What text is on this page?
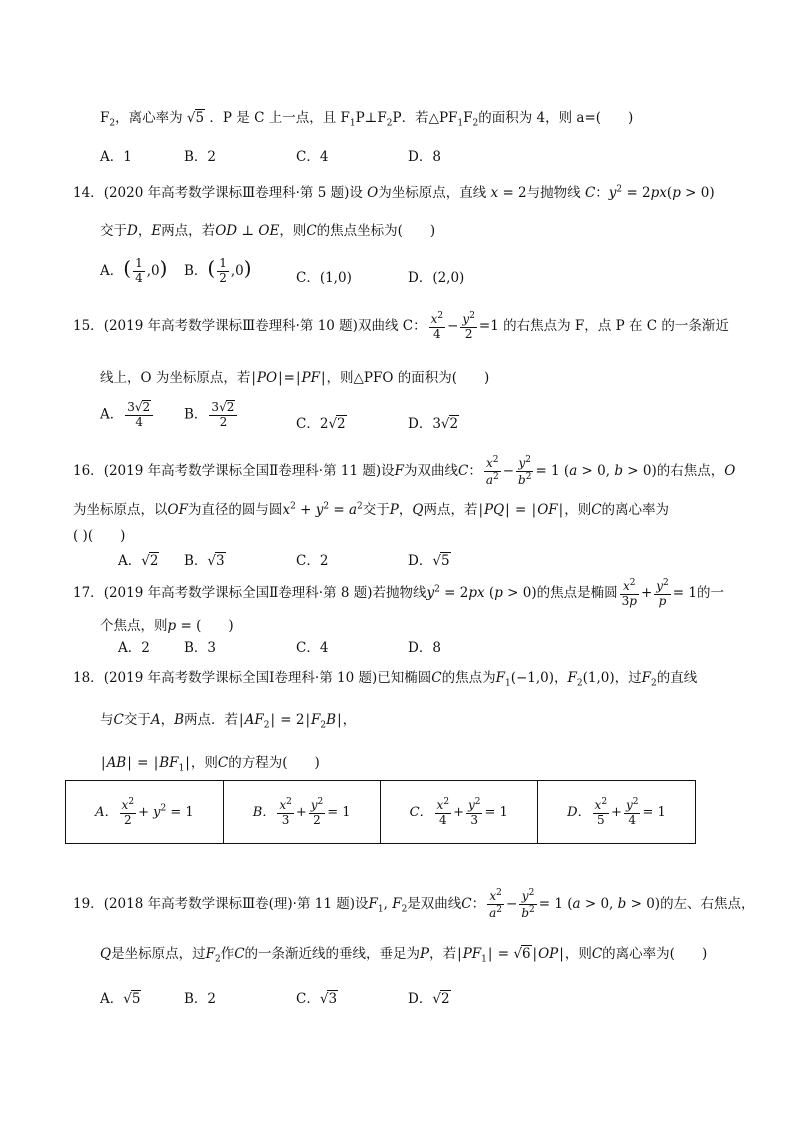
$F_2$，离心率为 √5 ．P 是 C 上一点，且 $F_1P\perp F_2P$．若$\triangle PF_1F_2$的面积为 4，则 a=(　　)
A．1	B．2	C．4	D．8
14．(2020 年高考数学课标Ⅲ卷理科·第 5 题)设 O为坐标原点，直线 x = 2与抛物线 C：$y^2 = 2px(p > 0)$
交于D，E两点，若OD ⊥ OE，则C的焦点坐标为(　　)
A．( $\frac{1}{4} ,0$) B．( $\frac{1}{2} ,0$)	C．(1,0)	D．(2,0)
15．(2019 年高考数学课标Ⅲ卷理科·第 10 题)双曲线 C： $\frac{x^2}{4} - \frac{y^2}{2} =1$ 的右焦点为 F，点 P 在 C 的一条渐近
线上，O 为坐标原点，若|PO|=|PF|，则△PFO 的面积为(　　)
A． $\frac{3√2}{4}$ B． $\frac{3√2}{2}$	C．2√2	D．3√2
16．(2019 年高考数学课标全国Ⅱ卷理科·第 11 题)设F为双曲线C： $\frac{x^2}{a^2} - \frac{y^2}{b^2} = 1$ (a > 0, b > 0)的右焦点，O
为坐标原点，以OF为直径的圆与圆$x^2 + y^2 = a^2$交于P，Q两点，若|PQ| = |OF|，则C的离心率为
( )(　　)
A．√2 B．√3	C．2	D．√5
17．(2019 年高考数学课标全国Ⅱ卷理科·第 8 题)若抛物线$y^2 = 2px$ (p > 0)的焦点是椭圆 $\frac{x^2}{3p} + \frac{y^2}{p} = 1$的一
个焦点，则p = (　　)
A．2	B．3	C．4	D．8
18．(2019 年高考数学课标全国Ⅰ卷理科·第 10 题)已知椭圆C的焦点为$F_1(-1,0)$，$F_2(1,0)$，过$F_2$的直线
与C交于A，B两点．若$|AF_2| = 2|F_2B|$，
$|AB| = |BF_1|$，则C的方程为(　　)
A． $\frac{x^2}{2} + y^2 = 1$	B． $\frac{x^2}{3} + \frac{y^2}{2} = 1$	C． $\frac{x^2}{4} + \frac{y^2}{3} = 1$	D． $\frac{x^2}{5} + \frac{y^2}{4} = 1$
19．(2018 年高考数学课标Ⅲ卷(理)·第 11 题)设$F_1$, $F_2$是双曲线C： $\frac{x^2}{a^2} - \frac{y^2}{b^2} = 1$ (a > 0, b > 0)的左、右焦点，
Q是坐标原点，过$F_2$作C的一条渐近线的垂线，垂足为P，若$|PF_1| = √6$ |OP|，则C的离心率为(　　)
A．√5	B．2	C．√3	D．√2
